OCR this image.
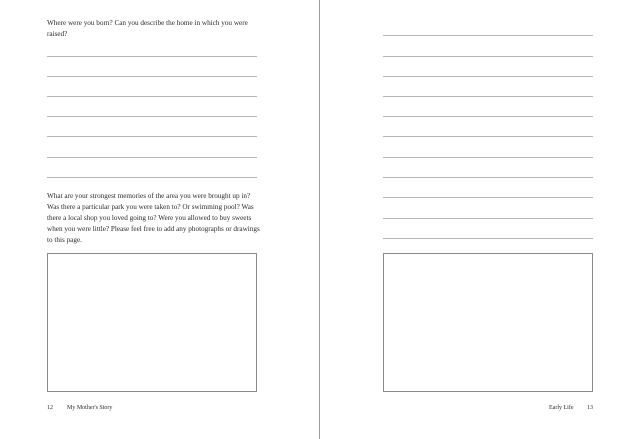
Where were you born? Can you describe the home in which you were raised?

What are your strongest memories of the area you were brought up in? Was there a particular park you were taken to? Or swimming pool? Was there a local shop you loved going to? Were you allowed to buy sweets when you were little? Please feel free to add any photographs or drawings to this page.

12 My Mother's Story	Early Life 13
